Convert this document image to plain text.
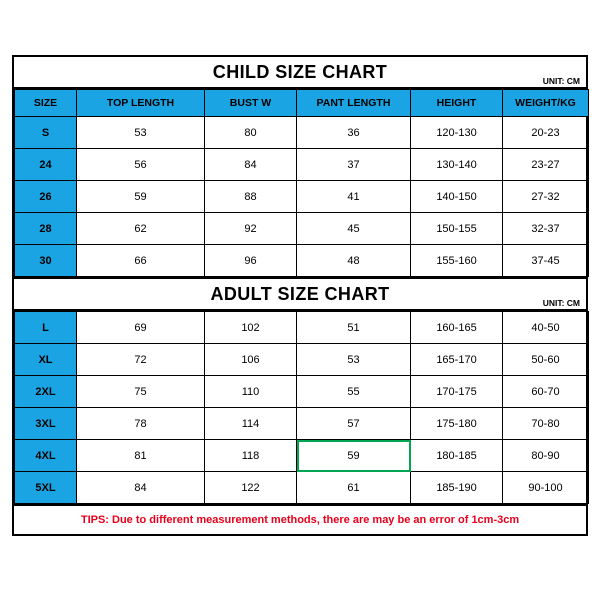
CHILD SIZE CHART	UNIT: CM
SIZE	TOP LENGTH	BUST W	PANT LENGTH	HEIGHT	WEIGHT/KG
S	53	80	36	120-130	20-23
24	56	84	37	130-140	23-27
26	59	88	41	140-150	27-32
28	62	92	45	150-155	32-37
30	66	96	48	155-160	37-45
ADULT SIZE CHART	UNIT: CM
L	69	102	51	160-165	40-50
XL	72	106	53	165-170	50-60
2XL	75	110	55	170-175	60-70
3XL	78	114	57	175-180	70-80
4XL	81	118	59	180-185	80-90
5XL	84	122	61	185-190	90-100
TIPS: Due to different measurement methods, there are may be an error of 1cm-3cm
